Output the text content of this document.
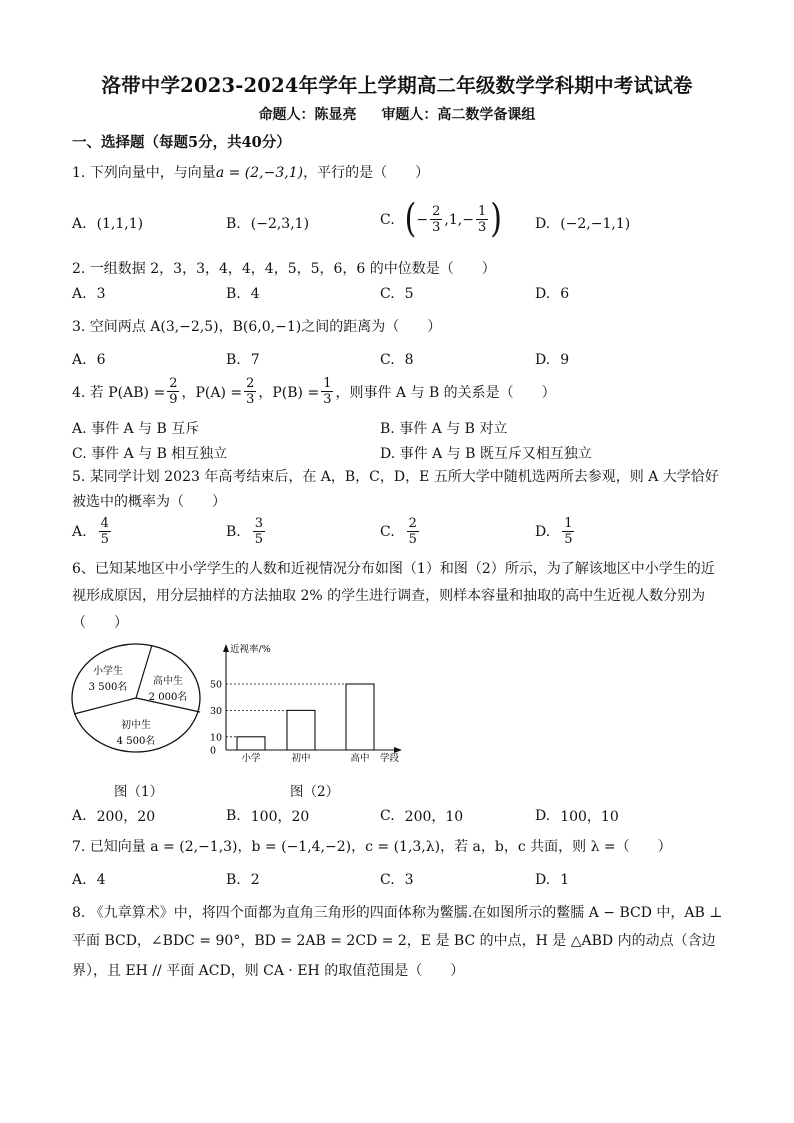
洛带中学2023-2024年学年上学期高二年级数学学科期中考试试卷
命题人：陈显亮 审题人：高二数学备课组
一、选择题（每题5分，共40分）
1. 下列向量中，与向量a = (2,−3,1)，平行的是（　　）
A. (1,1,1)	B. (−2,3,1)	C. ( − $\frac{2}{3} ,1,- \frac{1}{3}$ ) D. (−2,−1,1)
2. 一组数据 2，3，3，4，4，4，5，5，6，6 的中位数是（　　）
A. 3	B. 4	C. 5	D. 6
3. 空间两点 A(3,−2,5)，B(6,0,−1)之间的距离为（　　）
A. 6	B. 7	C. 8	D. 9
4. 若 $P(AB) = \frac{2}{9}$ ，$P(A) = \frac{2}{3}$ ，$P(B) = \frac{1}{3}$ ，则事件 A 与 B 的关系是（　　）
A. 事件 A 与 B 互斥	B. 事件 A 与 B 对立
C. 事件 A 与 B 相互独立	D. 事件 A 与 B 既互斥又相互独立
5. 某同学计划 2023 年高考结束后，在 A，B，C，D，E 五所大学中随机选两所去参观，则 A 大学恰好被选中的概率为（　　）
A. $\frac{4}{5}$	B. $\frac{3}{5}$	C. $\frac{2}{5}$	D. $\frac{1}{5}$
6、已知某地区中小学学生的人数和近视情况分布如图（1）和图（2）所示，为了解该地区中小学生的近视形成原因，用分层抽样的方法抽取 2% 的学生进行调查，则样本容量和抽取的高中生近视人数分别为（　　）
小学生
3 500名
高中生
2 000名
初中生
4 500名
近视率/%
学段
0
10
30
50
小学	初中	高中
图（1）	图（2）
A. 200，20	B. 100，20	C. 200，10	D. 100，10
7. 已知向量 a = (2,−1,3)，b = (−1,4,−2)，c = (1,3,λ)，若 a，b，c 共面，则 λ =（　　）
A. 4	B. 2	C. 3	D. 1
8. 《九章算术》中，将四个面都为直角三角形的四面体称为鳖臑.在如图所示的鳖臑 A − BCD 中，AB ⊥
平面 BCD，∠BDC = 90°，BD = 2AB = 2CD = 2，E 是 BC 的中点，H 是 △ABD 内的动点（含边
界），且 EH // 平面 ACD，则 CA · EH 的取值范围是（　　）
